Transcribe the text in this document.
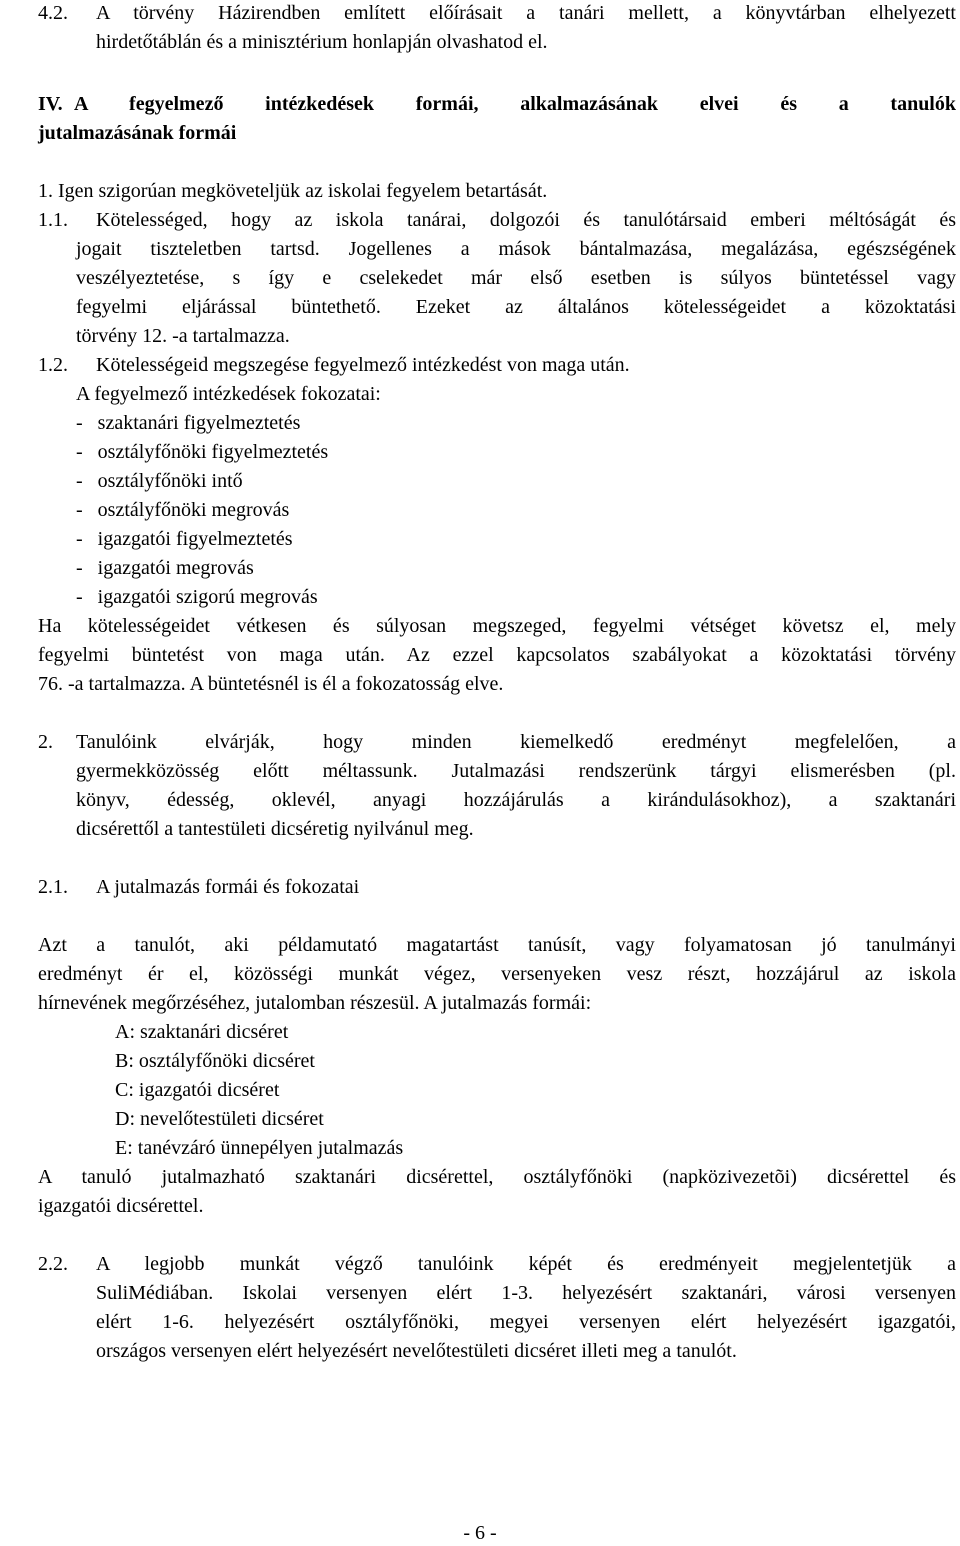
4.2. A törvény Házirendben említett előírásait a tanári mellett, a könyvtárban elhelyezett
hirdetőtáblán és a minisztérium honlapján olvashatod el.
IV. A fegyelmező intézkedések formái, alkalmazásának elvei és a tanulók
jutalmazásának formái
1. Igen szigorúan megköveteljük az iskolai fegyelem betartását.
1.1. Kötelességed, hogy az iskola tanárai, dolgozói és tanulótársaid emberi méltóságát és
jogait tiszteletben tartsd. Jogellenes a mások bántalmazása, megalázása, egészségének
veszélyeztetése, s így e cselekedet már első esetben is súlyos büntetéssel vagy
fegyelmi eljárással büntethető. Ezeket az általános kötelességeidet a közoktatási
törvény 12. -a tartalmazza.
1.2. Kötelességeid megszegése fegyelmező intézkedést von maga után.
A fegyelmező intézkedések fokozatai:
-   szaktanári figyelmeztetés
-   osztályfőnöki figyelmeztetés
-   osztályfőnöki intő
-   osztályfőnöki megrovás
-   igazgatói figyelmeztetés
-   igazgatói megrovás
-   igazgatói szigorú megrovás
Ha kötelességeidet vétkesen és súlyosan megszeged, fegyelmi vétséget követsz el, mely
fegyelmi büntetést von maga után. Az ezzel kapcsolatos szabályokat a közoktatási törvény
76. -a tartalmazza. A büntetésnél is él a fokozatosság elve.
2. Tanulóink elvárják, hogy minden kiemelkedő eredményt megfelelően, a
gyermekközösség előtt méltassunk. Jutalmazási rendszerünk tárgyi elismerésben (pl.
könyv, édesség, oklevél, anyagi hozzájárulás a kirándulásokhoz), a szaktanári
dicsérettől a tantestületi dicséretig nyilvánul meg.
2.1. A jutalmazás formái és fokozatai
Azt a tanulót, aki példamutató magatartást tanúsít, vagy folyamatosan jó tanulmányi
eredményt ér el, közösségi munkát végez, versenyeken vesz részt, hozzájárul az iskola
hírnevének megőrzéséhez, jutalomban részesül. A jutalmazás formái:
A: szaktanári dicséret
B: osztályfőnöki dicséret
C: igazgatói dicséret
D: nevelőtestületi dicséret
E: tanévzáró ünnepélyen jutalmazás
A tanuló jutalmazható szaktanári dicsérettel, osztályfőnöki (napközivezetõi) dicsérettel és
igazgatói dicsérettel.
2.2. A legjobb munkát végző tanulóink képét és eredményeit megjelentetjük a
SuliMédiában. Iskolai versenyen elért 1-3. helyezésért szaktanári, városi versenyen
elért 1-6. helyezésért osztályfőnöki, megyei versenyen elért helyezésért igazgatói,
országos versenyen elért helyezésért nevelőtestületi dicséret illeti meg a tanulót.
- 6 -
